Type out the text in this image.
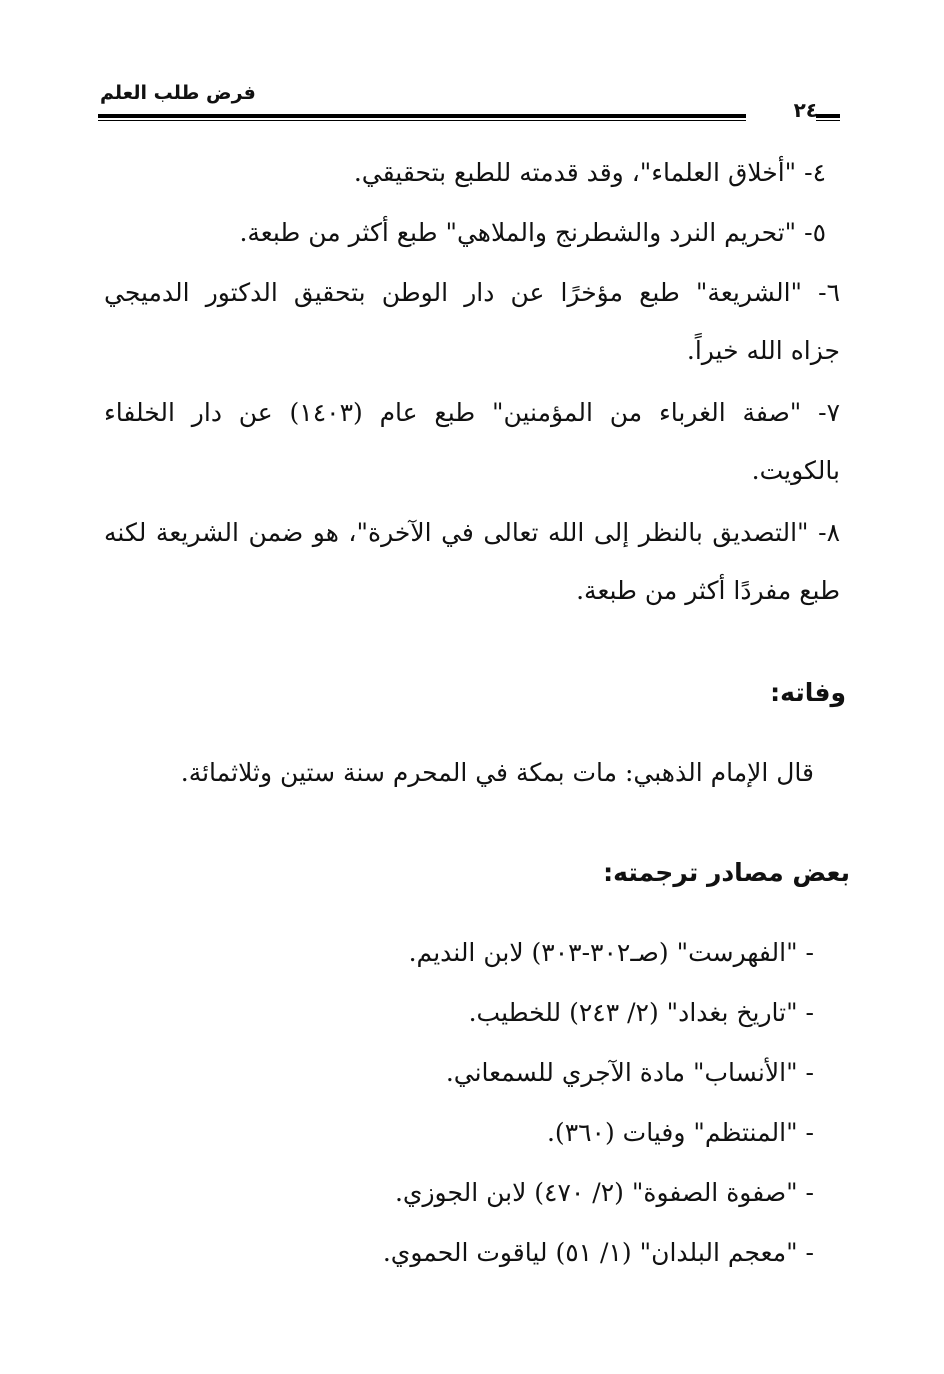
فرض طلب العلم
٢٤
٤- "أخلاق العلماء"، وقد قدمته للطبع بتحقيقي.
٥- "تحريم النرد والشطرنج والملاهي" طبع أكثر من طبعة.
٦- "الشريعة" طبع مؤخرًا عن دار الوطن بتحقيق الدكتور الدميجي
جزاه الله خيراً.
٧- "صفة الغرباء من المؤمنين" طبع عام (١٤٠٣) عن دار الخلفاء
بالكويت.
٨- "التصديق بالنظر إلى الله تعالى في الآخرة"، هو ضمن الشريعة لكنه
طبع مفردًا أكثر من طبعة.
وفاته:
قال الإمام الذهبي: مات بمكة في المحرم سنة ستين وثلاثمائة.
بعض مصادر ترجمته:
- "الفهرست" (صـ٣٠٢-٣٠٣) لابن النديم.
- "تاريخ بغداد" (٢/ ٢٤٣) للخطيب.
- "الأنساب" مادة الآجري للسمعاني.
- "المنتظم" وفيات (٣٦٠).
- "صفوة الصفوة" (٢/ ٤٧٠) لابن الجوزي.
- "معجم البلدان" (١/ ٥١) لياقوت الحموي.
